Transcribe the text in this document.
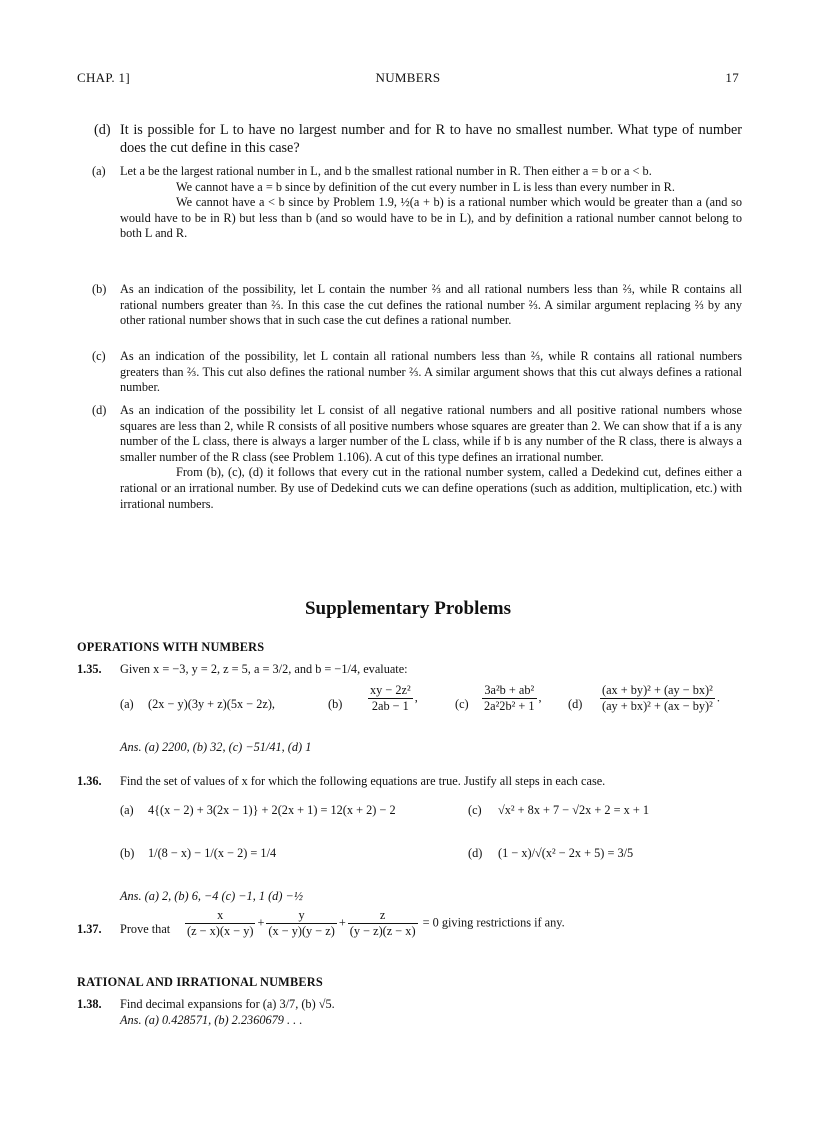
CHAP. 1]	NUMBERS	17
(d) It is possible for L to have no largest number and for R to have no smallest number. What type of number does the cut define in this case?
(a)	Let a be the largest rational number in L, and b the smallest rational number in R. Then either a = b or a < b.

We cannot have a = b since by definition of the cut every number in L is less than every number in R.

We cannot have a < b since by Problem 1.9, ½(a + b) is a rational number which would be greater than a (and so would have to be in R) but less than b (and so would have to be in L), and by definition a rational number cannot belong to both L and R.

(b)	As an indication of the possibility, let L contain the number ⅔ and all rational numbers less than ⅔, while R contains all rational numbers greater than ⅔. In this case the cut defines the rational number ⅔. A similar argument replacing ⅔ by any other rational number shows that in such case the cut defines a rational number.

(c)	As an indication of the possibility, let L contain all rational numbers less than ⅔, while R contains all rational numbers greaters than ⅔. This cut also defines the rational number ⅔. A similar argument shows that this cut always defines a rational number.

(d)	As an indication of the possibility let L consist of all negative rational numbers and all positive rational numbers whose squares are less than 2, while R consists of all positive numbers whose squares are greater than 2. We can show that if a is any number of the L class, there is always a larger number of the L class, while if b is any number of the R class, there is always a smaller number of the R class (see Problem 1.106). A cut of this type defines an irrational number.

From (b), (c), (d) it follows that every cut in the rational number system, called a Dedekind cut, defines either a rational or an irrational number. By use of Dedekind cuts we can define operations (such as addition, multiplication, etc.) with irrational numbers.

Supplementary Problems
OPERATIONS WITH NUMBERS
1.35. Given x = −3, y = 2, z = 5, a = 3/2, and b = −1/4, evaluate:
(a) (2x − y)(3y + z)(5x − 2z),	$(b) \frac{\text{xy − 2z²}}{2ab - 1}$ ,	$(c) \frac{\text{3a²b + ab²}}{\text{2a²2b² + 1}}$ , $(d) \frac{\text{(ax + by)² + (ay − bx)²}}{\text{(ay + bx)² + (ax − by)²}}$ .
Ans. (a) 2200, (b) 32, (c) −51/41, (d) 1
1.36. Find the set of values of x for which the following equations are true. Justify all steps in each case.
(a) 4{(x − 2) + 3(2x − 1)} + 2(2x + 1) = 12(x + 2) − 2	(c) √x² + 8x + 7 − √2x + 2 = x + 1
(b) 1/(8 − x) − 1/(x − 2) = 1/4	(d) (1 − x)/√(x² − 2x + 5) = 3/5
Ans. (a) 2, (b) 6, −4 (c) −1, 1 (d) −½
1.37. Prove that $\frac{x}{(z - x)(x - y)} + \frac{y}{(x - y)(y - z)} + \frac{z}{(y - z)(z - x)} = 0$ giving restrictions if any.
RATIONAL AND IRRATIONAL NUMBERS
1.38. Find decimal expansions for (a) 3/7, (b) √5.
Ans. (a) 0.428571, (b) 2.2360679 . . .
